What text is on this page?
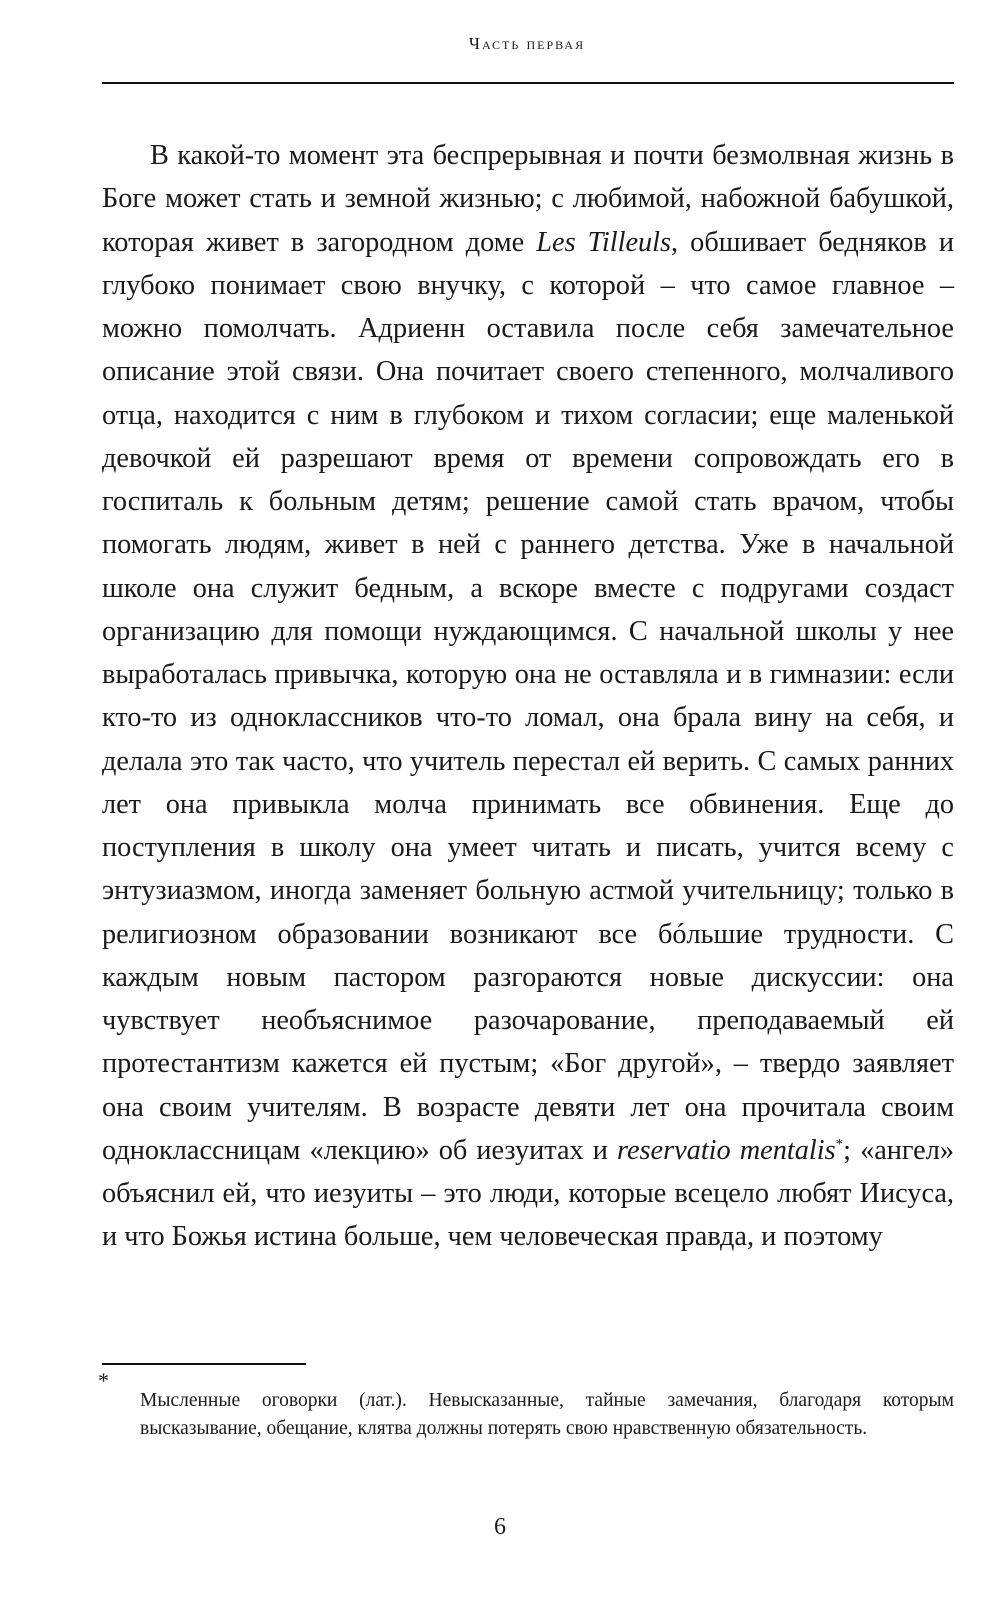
Часть первая

В какой-то момент эта беспрерывная и почти безмолвная жизнь в Боге может стать и земной жизнью; с любимой, набожной бабушкой, которая живет в загородном доме Les Tilleuls, обшивает бедняков и глубоко понимает свою внучку, с которой – что самое главное – можно помолчать. Адриенн оставила после себя замечательное описание этой связи. Она почитает своего степенного, молчаливого отца, находится с ним в глубоком и тихом согласии; еще маленькой девочкой ей разрешают время от времени сопровождать его в госпиталь к больным детям; решение самой стать врачом, чтобы помогать людям, живет в ней с раннего детства. Уже в начальной школе она служит бедным, а вскоре вместе с подругами создаст организацию для помощи нуждающимся. С начальной школы у нее выработалась привычка, которую она не оставляла и в гимназии: если кто-то из одноклассников что-то ломал, она брала вину на себя, и делала это так часто, что учитель перестал ей верить. С самых ранних лет она привыкла молча принимать все обвинения. Еще до поступления в школу она умеет читать и писать, учится всему с энтузиазмом, иногда заменяет больную астмой учительницу; только в религиозном образовании возникают все бóльшие трудности. С каждым новым пастором разгораются новые дискуссии: она чувствует необъяснимое разочарование, преподаваемый ей протестантизм кажется ей пустым; «Бог другой», – твердо заявляет она своим учителям. В возрасте девяти лет она прочитала своим одноклассницам «лекцию» об иезуитах и reservatio mentalis*; «ангел» объяснил ей, что иезуиты – это люди, которые всецело любят Иисуса, и что Божья истина больше, чем человеческая правда, и поэтому

*

Мысленные оговорки (лат.). Невысказанные, тайные замечания, благодаря которым высказывание, обещание, клятва должны потерять свою нравственную обязательность.

6
